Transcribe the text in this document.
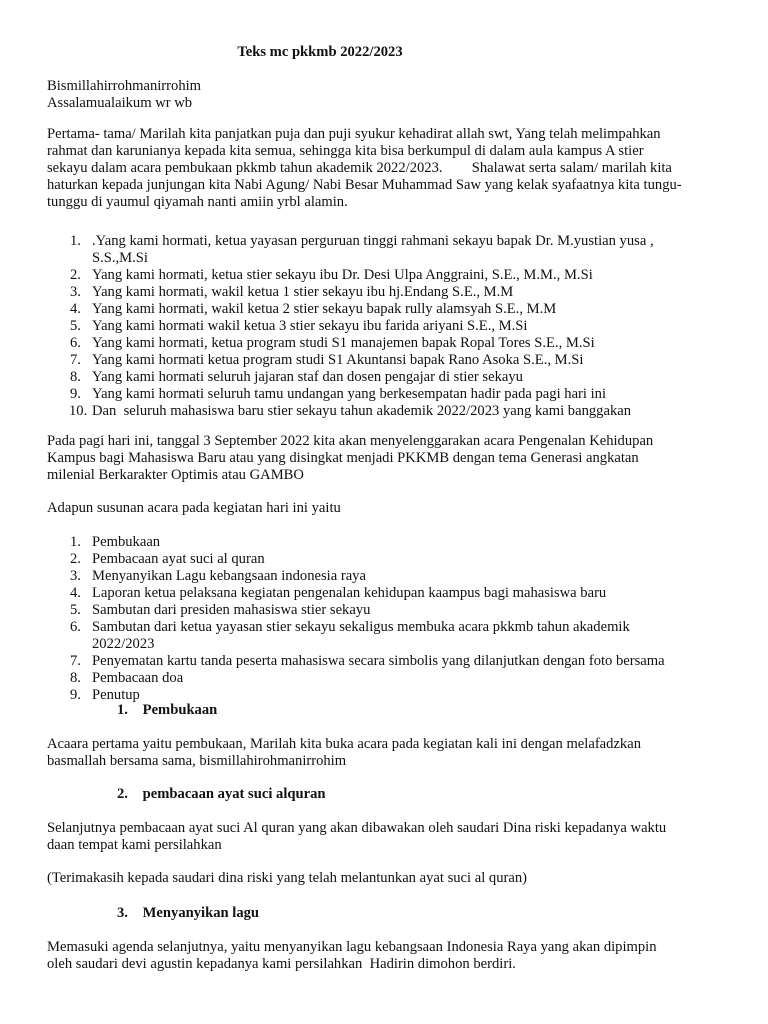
Teks mc pkkmb 2022/2023
Bismillahirrohmanirrohim
Assalamualaikum wr wb
Pertama- tama/ Marilah kita panjatkan puja dan puji syukur kehadirat allah swt, Yang telah melimpahkan
rahmat dan karunianya kepada kita semua, sehingga kita bisa berkumpul di dalam aula kampus A stier
sekayu dalam acara pembukaan pkkmb tahun akademik 2022/2023.        Shalawat serta salam/ marilah kita
haturkan kepada junjungan kita Nabi Agung/ Nabi Besar Muhammad Saw yang kelak syafaatnya kita tungu-
tunggu di yaumul qiyamah nanti amiin yrbl alamin.
1. .Yang kami hormati, ketua yayasan perguruan tinggi rahmani sekayu bapak Dr. M.yustian yusa ,
S.S.,M.Si
2. Yang kami hormati, ketua stier sekayu ibu Dr. Desi Ulpa Anggraini, S.E., M.M., M.Si
3. Yang kami hormati, wakil ketua 1 stier sekayu ibu hj.Endang S.E., M.M
4. Yang kami hormati, wakil ketua 2 stier sekayu bapak rully alamsyah S.E., M.M
5. Yang kami hormati wakil ketua 3 stier sekayu ibu farida ariyani S.E., M.Si
6. Yang kami hormati, ketua program studi S1 manajemen bapak Ropal Tores S.E., M.Si
7. Yang kami hormati ketua program studi S1 Akuntansi bapak Rano Asoka S.E., M.Si
8. Yang kami hormati seluruh jajaran staf dan dosen pengajar di stier sekayu
9. Yang kami hormati seluruh tamu undangan yang berkesempatan hadir pada pagi hari ini
10. Dan  seluruh mahasiswa baru stier sekayu tahun akademik 2022/2023 yang kami banggakan
Pada pagi hari ini, tanggal 3 September 2022 kita akan menyelenggarakan acara Pengenalan Kehidupan
Kampus bagi Mahasiswa Baru atau yang disingkat menjadi PKKMB dengan tema Generasi angkatan
milenial Berkarakter Optimis atau GAMBO
Adapun susunan acara pada kegiatan hari ini yaitu
1. Pembukaan
2. Pembacaan ayat suci al quran
3. Menyanyikan Lagu kebangsaan indonesia raya
4. Laporan ketua pelaksana kegiatan pengenalan kehidupan kaampus bagi mahasiswa baru
5. Sambutan dari presiden mahasiswa stier sekayu
6. Sambutan dari ketua yayasan stier sekayu sekaligus membuka acara pkkmb tahun akademik
2022/2023
7. Penyematan kartu tanda peserta mahasiswa secara simbolis yang dilanjutkan dengan foto bersama
8. Pembacaan doa
9. Penutup
1. Pembukaan
Acaara pertama yaitu pembukaan, Marilah kita buka acara pada kegiatan kali ini dengan melafadzkan
basmallah bersama sama, bismillahirohmanirrohim
2. pembacaan ayat suci alquran
Selanjutnya pembacaan ayat suci Al quran yang akan dibawakan oleh saudari Dina riski kepadanya waktu
daan tempat kami persilahkan
(Terimakasih kepada saudari dina riski yang telah melantunkan ayat suci al quran)
3. Menyanyikan lagu
Memasuki agenda selanjutnya, yaitu menyanyikan lagu kebangsaan Indonesia Raya yang akan dipimpin
oleh saudari devi agustin kepadanya kami persilahkan  Hadirin dimohon berdiri.
